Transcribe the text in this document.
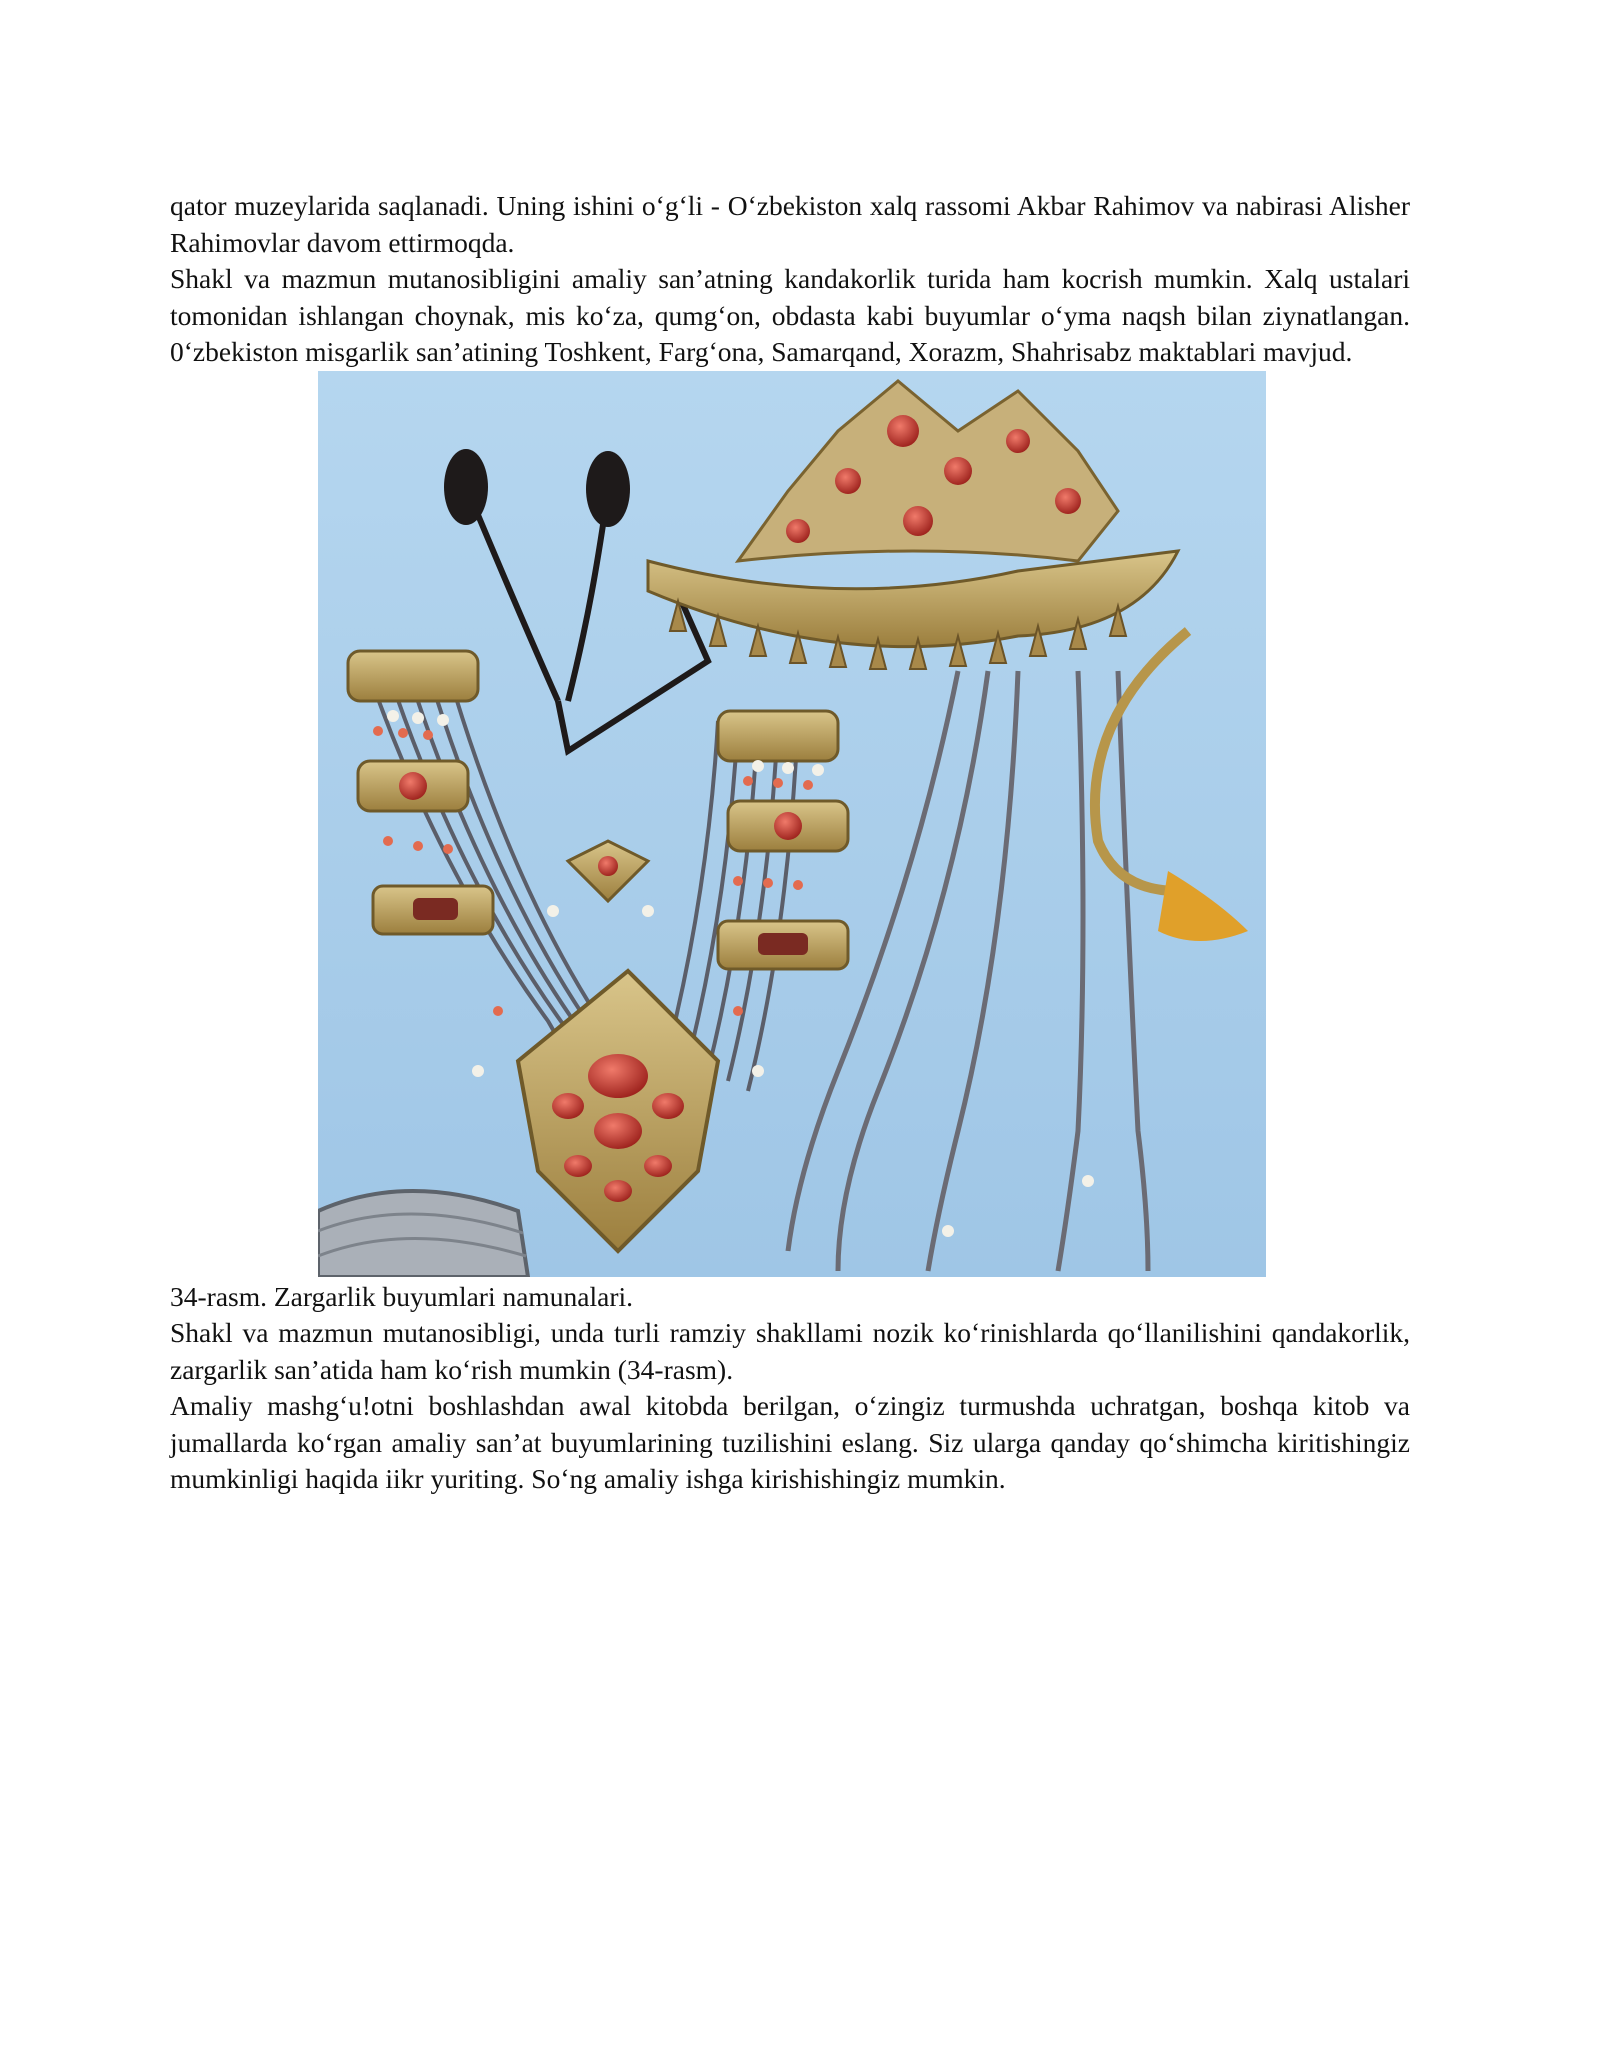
qator muzeylarida saqlanadi. Uning ishini o‘g‘li - O‘zbekiston xalq rassomi Akbar Rahimov va nabirasi Alisher Rahimovlar davom ettirmoqda.

Shakl va mazmun mutanosibligini amaliy san’atning kandakorlik turida ham kocrish mumkin. Xalq ustalari tomonidan ishlangan choynak, mis ko‘za, qumg‘on, obdasta kabi buyumlar o‘yma naqsh bilan ziynatlangan. 0‘zbekiston misgarlik san’atining Toshkent, Farg‘ona, Samarqand, Xorazm, Shahrisabz maktablari mavjud.

34-rasm. Zargarlik buyumlari namunalari.

Shakl va mazmun mutanosibligi, unda turli ramziy shakllami nozik ko‘rinishlarda qo‘llanilishini qandakorlik, zargarlik san’atida ham ko‘rish mumkin (34-rasm).

Amaliy mashg‘u!otni boshlashdan awal kitobda berilgan, o‘zingiz turmushda uchratgan, boshqa kitob va jumallarda ko‘rgan amaliy san’at buyumlarining tuzilishini eslang. Siz ularga qanday qo‘shimcha kiritishingiz mumkinligi haqida iikr yuriting. So‘ng amaliy ishga kirishishingiz mumkin.
